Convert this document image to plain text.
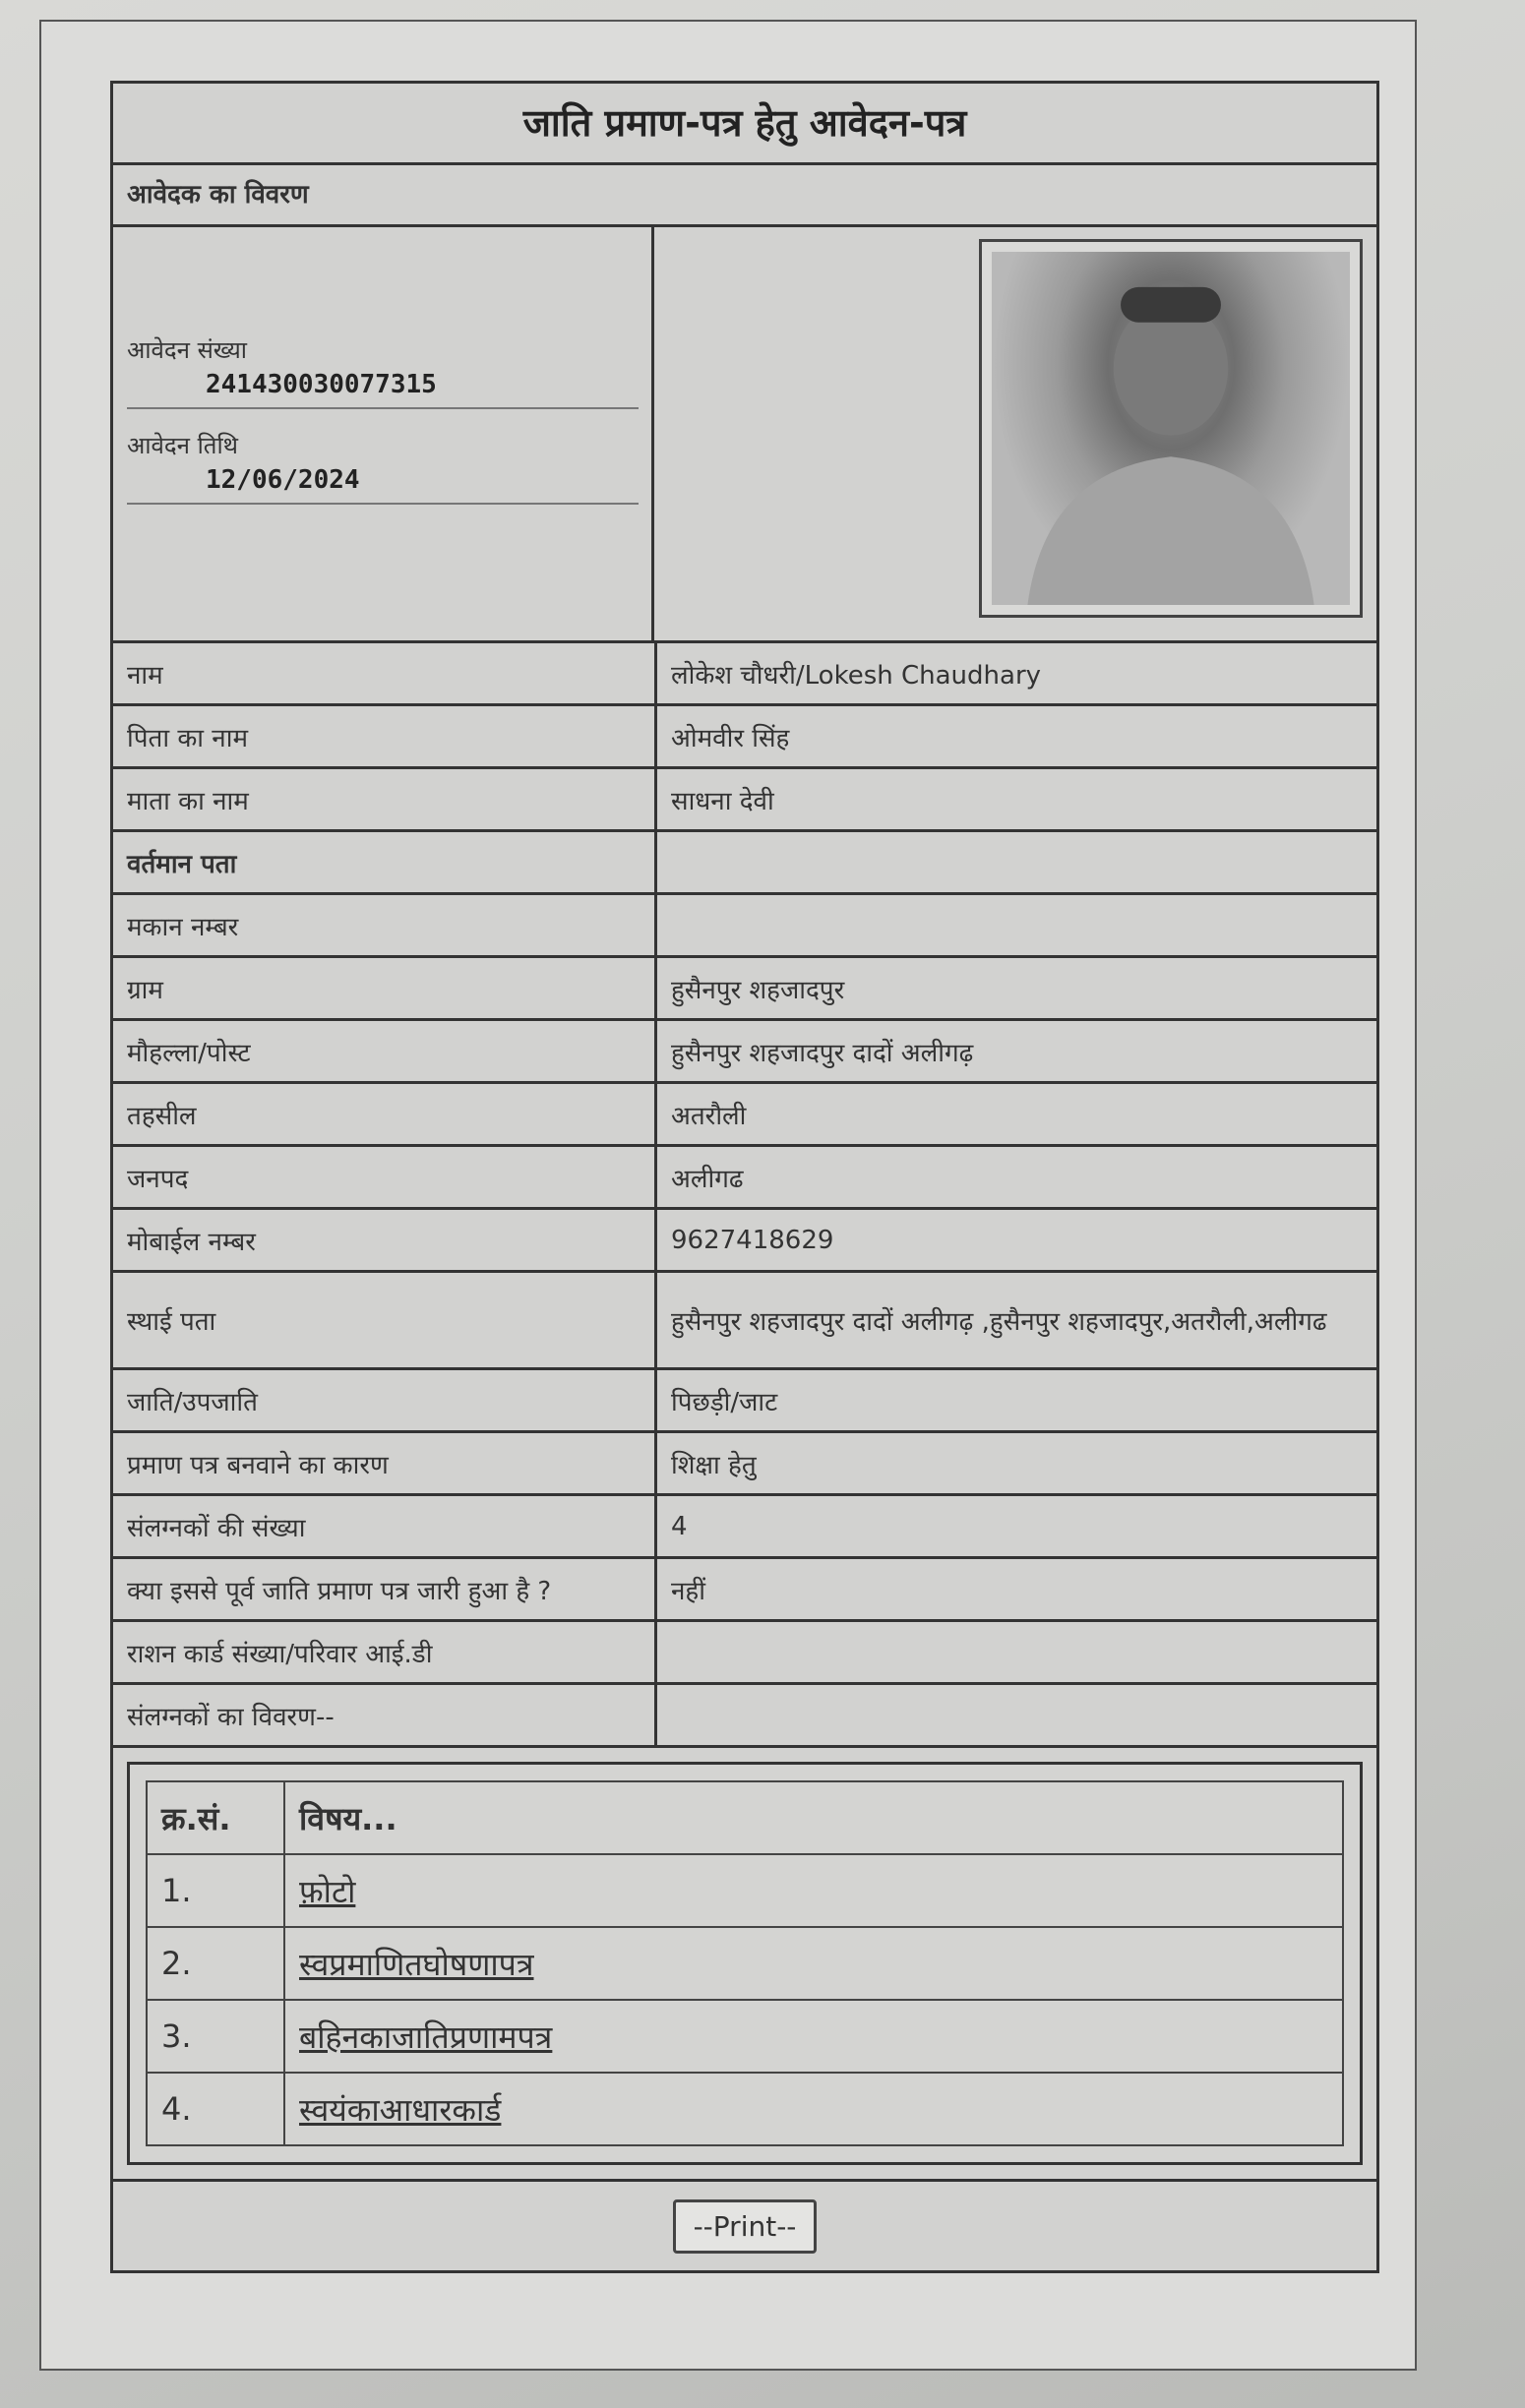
जाति प्रमाण-पत्र हेतु आवेदन-पत्र
आवेदक का विवरण
आवेदन संख्या
241430030077315
आवेदन तिथि
12/06/2024
नाम	लोकेश चौधरी/Lokesh Chaudhary
पिता का नाम	ओमवीर सिंह
माता का नाम	साधना देवी
वर्तमान पता	
मकान नम्बर	
ग्राम	हुसैनपुर शहजादपुर
मौहल्ला/पोस्ट	हुसैनपुर शहजादपुर दादों अलीगढ़
तहसील	अतरौली
जनपद	अलीगढ
मोबाईल नम्बर	9627418629
स्थाई पता	हुसैनपुर शहजादपुर दादों अलीगढ़ ,हुसैनपुर शहजादपुर,अतरौली,अलीगढ
जाति/उपजाति	पिछड़ी/जाट
प्रमाण पत्र बनवाने का कारण	शिक्षा हेतु
संलग्नकों की संख्या	4
क्या इससे पूर्व जाति प्रमाण पत्र जारी हुआ है ?	नहीं
राशन कार्ड संख्या/परिवार आई.डी	
संलग्नकों का विवरण--	
क्र.सं.	विषय...
1.	फ़ोटो
2.	स्वप्रमाणितघोषणापत्र
3.	बहिनकाजातिप्रणामपत्र
4.	स्वयंकाआधारकार्ड
--Print--
